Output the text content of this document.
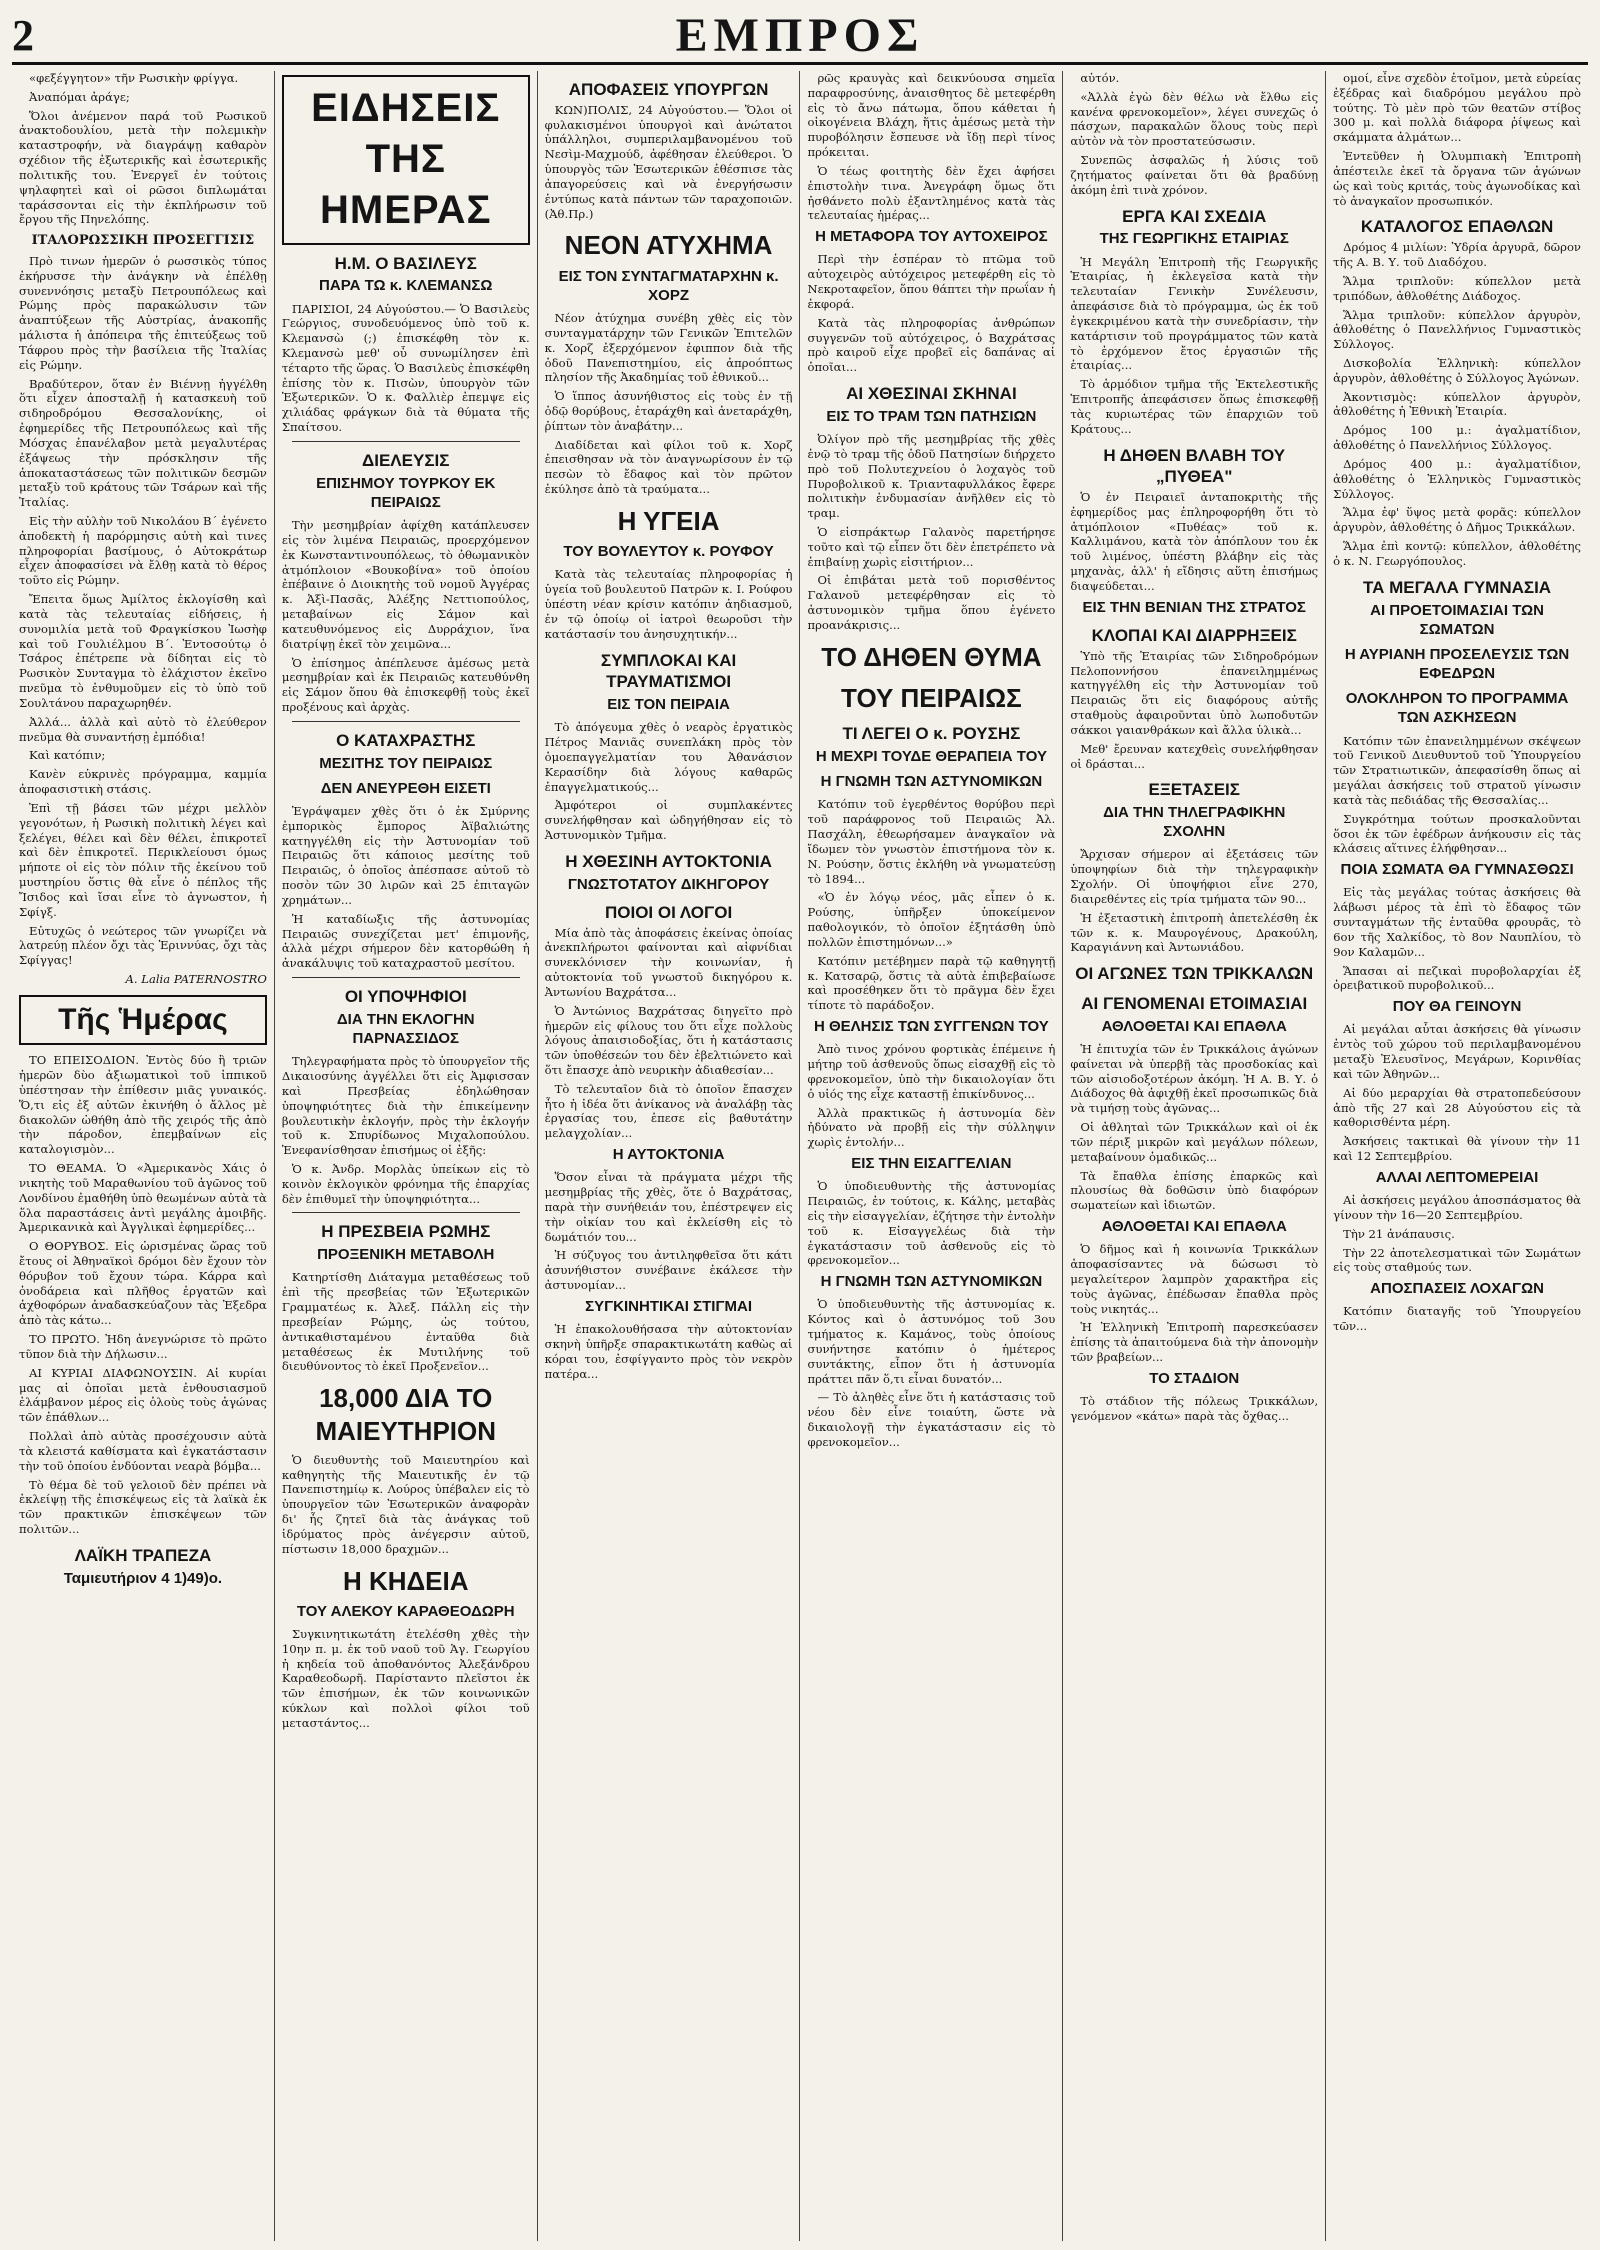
2	ΕΜΠΡΟΣ

«φεξέγγητον» τῆν Ρωσικὴν φρίγγα.

Ἀναπόμαι ἀράγε;

Ὅλοι ἀνέμενον παρά τοῦ Ρωσικοῦ ἀνακτοδουλίου, μετὰ τὴν πολεμικὴν καταστροφήν, νὰ διαγράψῃ καθαρὸν σχέδιον τῆς ἐξωτερικῆς καὶ ἐσωτερικῆς πολιτικῆς του. Ἐνεργεῖ ἐν τούτοις ψηλαφητεὶ καὶ οἱ ρῶσοι διπλωμάται ταράσσονται εἰς τὴν ἐκπλήρωσιν τοῦ ἔργου τῆς Πηνελόπης.

ΙΤΑΛΟΡΩΣΣΙΚΗ ΠΡΟΣΕΓΓΙΣΙΣ

Πρὸ τινων ἡμερῶν ὁ ρωσσικὸς τύπος ἐκήρυσσε τὴν ἀνάγκην νὰ ἐπέλθῃ συνεννόησις μεταξὺ Πετρουπόλεως καὶ Ρώμης πρὸς παρακώλυσιν τῶν ἀναπτύξεων τῆς Αὐστρίας, ἀνακοπῆς μάλιστα ἡ ἀπόπειρα τῆς ἐπιτεύξεως τοῦ Τάφρου πρὸς τὴν βασίλεια τῆς Ἰταλίας εἰς Ρώμην.

Βραδύτερον, ὅταν ἐν Βιέννῃ ἠγγέλθη ὅτι εἶχεν ἀποσταλῇ ἡ κατασκευὴ τοῦ σιδηροδρόμου Θεσσαλονίκης, οἱ ἐφημερίδες τῆς Πετρουπόλεως καὶ τῆς Μόσχας ἐπανέλαβον μετὰ μεγαλυτέρας ἐξάψεως τὴν πρόσκλησιν τῆς ἀποκαταστάσεως τῶν πολιτικῶν δεσμῶν μεταξὺ τοῦ κράτους τῶν Τσάρων καὶ τῆς Ἰταλίας.

Εἰς τὴν αὐλὴν τοῦ Νικολάου Β΄ ἐγένετο ἀποδεκτὴ ἡ παρόρμησις αὐτὴ καὶ τινες πληροφορίαι βασίμους, ὁ Αὐτοκράτωρ εἶχεν ἀποφασίσει νὰ ἔλθῃ κατὰ τὸ θέρος τοῦτο εἰς Ρώμην.

Ἔπειτα ὅμως Ἀμίλτος ἐκλογίσθη καὶ κατὰ τὰς τελευταίας εἰδήσεις, ἡ συνομιλία μετὰ τοῦ Φραγκίσκου Ἰωσὴφ καὶ τοῦ Γουλιέλμου Β΄. Ἐντοσούτῳ ὁ Τσάρος ἐπέτρεπε νὰ δίδηται εἰς τὸ Ρωσικὸν Συνταγμα τὸ ἐλάχιστον ἐκεῖνο πνεῦμα τὸ ἐνθυμοῦμεν εἰς τὸ ὑπὸ τοῦ Σουλτάνου παραχωρηθέν.

Ἀλλά... ἀλλὰ καὶ αὐτὸ τὸ ἐλεύθερον πνεῦμα θὰ συναντήσῃ ἐμπόδια!

Καὶ κατόπιν;

Κανὲν εὐκρινὲς πρόγραμμα, καμμία ἀποφασιστικὴ στάσις.

Ἐπὶ τῇ βάσει τῶν μέχρι μελλὸν γεγονότων, ἡ Ρωσικὴ πολιτικὴ λέγει καὶ ξελέγει, θέλει καὶ δὲν θέλει, ἐπικροτεῖ καὶ δὲν ἐπικροτεῖ. Περικλείουσι όμως μήποτε οἱ εἰς τὸν πόλιν τῆς ἐκείνου τοῦ μυστηρίου ὅστις θὰ εἶνε ὁ πέπλος τῆς Ἴσιδος καὶ ἴσαι εἶνε τὸ ἀγνωστον, ἡ Σφίγξ.

Εὐτυχῶς ὁ νεώτερος τῶν γνωρίζει νὰ λατρεύῃ πλέον ὄχι τὰς Ἐριννύας, ὄχι τὰς Σφίγγας!

Α. Lalia PATERNOSTRO
Τῆς Ἡμέρας

ΤΟ ΕΠΕΙΣΟΔΙΟΝ. Ἐντὸς δύο ἢ τριῶν ἡμερῶν δὺο ἀξιωματικοὶ τοῦ ἱππικοῦ ὑπέστησαν τὴν ἐπίθεσιν μιᾶς γυναικός. Ὅ,τι εἰς ἐξ αὐτῶν ἐκινήθη ὁ ἄλλος μὲ διακολῶν ὠθήθη ἀπὸ τῆς χειρός τῆς ἀπὸ τὴν πάροδον, ἐπεμβαίνων εἰς καταλογισμὸν...

ΤΟ ΘΕΑΜΑ. Ὁ «Ἀμερικανὸς Χάις ὁ νικητὴς τοῦ Μαραθωνίου τοῦ ἀγῶνος τοῦ Λονδίνου ἐμαθήθη ὑπὸ θεωμένων αὐτὰ τὰ ὅλα παραστάσεις ἀντὶ μεγάλης ἀμοιβῆς. Ἀμερικανικὰ καὶ Ἀγγλικαὶ ἐφημερίδες...

Ο ΘΟΡΥΒΟΣ. Εἰς ὡρισμένας ὥρας τοῦ ἔτους οἱ Ἀθηναϊκοὶ δρόμοι δὲν ἔχουν τὸν θόρυβον τοῦ ἔχουν τώρα. Κάρρα καὶ ὀνοδάρεια καὶ πλῆθος ἐργατῶν καὶ ἀχθοφόρων ἀναδασκεύαζουν τὰς Ἐξεδρα ἀπὸ τὰς κάτω...

ΤΟ ΠΡΩΤΟ. Ἠδη ἀνεγνώρισε τὸ πρῶτο τῦπον διὰ τὴν Δήλωσιν...

ΑΙ ΚΥΡΙΑΙ ΔΙΑΦΩΝΟΥΣΙΝ. Αἱ κυρίαι μας αἱ ὁποῖαι μετὰ ἐνθουσιασμοῦ ἐλάμβανον μέρος εἰς ὁλοὺς τοὺς ἀγώνας τῶν ἐπάθλων...

Πολλαὶ ἀπὸ αὐτὰς προσέχουσιν αὐτὰ τὰ κλειστά καθίσματα καὶ ἐγκατάστασιν τὴν τοῦ ὁποίου ἐνδύονται νεαρὰ βόμβα...

Τὸ θέμα δὲ τοῦ γελοιοῦ δὲν πρέπει νὰ ἐκλείψῃ τῆς ἐπισκέψεως εἰς τὰ λαϊκὰ ἐκ τῶν πρακτικῶν ἐπισκέψεων τῶν πολιτῶν...

ΛΑΪΚΗ ΤΡΑΠΕΖΑ
Ταμιευτήριον 4 1)49)ο.
ΕΙΔΗΣΕΙΣ ΤΗΣ ΗΜΕΡΑΣ
Η.Μ. Ο ΒΑΣΙΛΕΥΣ
ΠΑΡΑ ΤΩ κ. ΚΛΕΜΑΝΣΩ

ΠΑΡΙΣΙΟΙ, 24 Αὐγούστου.— Ὁ Βασιλεὺς Γεώργιος, συνοδευόμενος ὑπὸ τοῦ κ. Κλεμανσὼ (;) ἐπισκέφθη τὸν κ. Κλεμανσὼ μεθ' οὗ συνωμίλησεν ἐπὶ τέταρτο τῆς ὥρας. Ὁ Βασιλεὺς ἐπισκέφθη ἐπίσης τὸν κ. Πισὼν, ὑπουργὸν τῶν Ἐξωτερικῶν. Ὁ κ. Φαλλιὲρ ἐπεμψε εἰς χιλιάδας φράγκων διὰ τὰ θύματα τῆς Σπαίτσου.

ΔΙΕΛΕΥΣΙΣ
ΕΠΙΣΗΜΟΥ ΤΟΥΡΚΟΥ ΕΚ ΠΕΙΡΑΙΩΣ

Τὴν μεσημβρίαν ἀφίχθη κατάπλευσεν εἰς τὸν λιμένα Πειραιῶς, προερχόμενον ἐκ Κωνσταντινουπόλεως, τὸ ὀθωμανικὸν ἀτμόπλοιον «Βουκοβίνα» τοῦ ὁποίου ἐπέβαινε ὁ Διοικητὴς τοῦ νομοῦ Ἀγγέρας κ. Ἀξὶ-Πασᾶς, Ἀλέξης Νεττιοπούλος, μεταβαίνων εἰς Σάμον καὶ κατευθυνόμενος εἰς Δυρράχιον, ἵνα διατρίψῃ ἐκεῖ τὸν χειμῶνα...

Ὁ ἐπίσημος ἀπέπλευσε ἀμέσως μετὰ μεσημβρίαν καὶ ἐκ Πειραιῶς κατευθύνθη εἰς Σάμον ὅπου θὰ ἐπισκεφθῇ τοὺς ἐκεῖ προξένους καὶ ἀρχὰς.

Ο ΚΑΤΑΧΡΑΣΤΗΣ
ΜΕΣΙΤΗΣ ΤΟΥ ΠΕΙΡΑΙΩΣ
ΔΕΝ ΑΝΕΥΡΕΘΗ ΕΙΣΕΤΙ

Ἐγράψαμεν χθὲς ὅτι ὁ ἐκ Σμύρνης ἐμπορικὸς ἔμπορος Ἀϊβαλιώτης κατηγγέλθη εἰς τὴν Ἀστυνομίαν τοῦ Πειραιῶς ὅτι κάποιος μεσίτης τοῦ Πειραιῶς, ὁ ὁποῖος ἀπέσπασε αὐτοῦ τὸ ποσὸν τῶν 30 λιρῶν καὶ 25 ἐπιταγῶν χρημάτων...

Ἡ καταδίωξις τῆς ἀστυνομίας Πειραιῶς συνεχίζεται μετ' ἐπιμονῆς, ἀλλὰ μέχρι σήμερον δὲν κατορθώθη ἡ ἀνακάλυψις τοῦ καταχραστοῦ μεσίτου.

ΟΙ ΥΠΟΨΗΦΙΟΙ
ΔΙΑ ΤΗΝ ΕΚΛΟΓΗΝ ΠΑΡΝΑΣΣΙΔΟΣ

Τηλεγραφήματα πρὸς τὸ ὑπουργεῖον τῆς Δικαιοσύνης ἀγγέλλει ὅτι εἰς Ἀμφισσαν καὶ Πρεσβείας ἐδηλώθησαν ὑποψηφιότητες διὰ τὴν ἐπικείμενην βουλευτικὴν ἐκλογήν, πρὸς τὴν ἐκλογήν τοῦ κ. Σπυρίδωνος Μιχαλοπούλου. Ἐνεφανίσθησαν ἐπισήμως οἱ ἐξῆς:

Ὁ κ. Ἀνδρ. Μορλὰς ὑπείκων εἰς τὸ κοινὸν ἐκλογικὸν φρόνημα τῆς ἐπαρχίας δὲν ἐπιθυμεῖ τὴν ὑποψηφιότητα...

Η ΠΡΕΣΒΕΙΑ ΡΩΜΗΣ
ΠΡΟΞΕΝΙΚΗ ΜΕΤΑΒΟΛΗ

Κατηρτίσθη Διάταγμα μεταθέσεως τοῦ ἐπὶ τῆς πρεσβείας τῶν Ἐξωτερικῶν Γραμματέως κ. Ἀλεξ. Πάλλη εἰς τὴν πρεσβείαν Ρώμης, ὡς τούτου, ἀντικαθισταμένου ἐνταῦθα διὰ μεταθέσεως ἐκ Μυτιλήνης τοῦ διευθύνοντος τὸ ἐκεῖ Προξενεῖον...

18,000 ΔΙΑ ΤΟ ΜΑΙΕΥΤΗΡΙΟΝ

Ὁ διευθυντὴς τοῦ Μαιευτηρίου καὶ καθηγητὴς τῆς Μαιευτικῆς ἐν τῷ Πανεπιστημίῳ κ. Λούρος ὑπέβαλεν εἰς τὸ ὑπουργεῖον τῶν Ἐσωτερικῶν ἀναφορὰν δι' ἧς ζητεῖ διὰ τὰς ἀνάγκας τοῦ ἱδρύματος πρὸς ἀνέγερσιν αὐτοῦ, πίστωσιν 18,000 δραχμῶν...

Η ΚΗΔΕΙΑ
ΤΟΥ ΑΛΕΚΟΥ ΚΑΡΑΘΕΟΔΩΡΗ

Συγκινητικωτάτη ἐτελέσθη χθὲς τὴν 10ην π. μ. ἐκ τοῦ ναοῦ τοῦ Ἁγ. Γεωργίου ἡ κηδεία τοῦ ἀποθανόντος Ἀλεξάνδρου Καραθεοδωρῆ. Παρίσταντο πλεῖστοι ἐκ τῶν ἐπισήμων, ἐκ τῶν κοινωνικῶν κύκλων καὶ πολλοὶ φίλοι τοῦ μεταστάντος...

ΑΠΟΦΑΣΕΙΣ ΥΠΟΥΡΓΩΝ

ΚΩΝ)ΠΟΛΙΣ, 24 Αὐγούστου.— Ὅλοι οἱ φυλακισμένοι ὑπουργοὶ καὶ ἀνώτατοι ὑπάλληλοι, συμπεριλαμβανομένου τοῦ Νεσὶμ-Μαχμούδ, ἀφέθησαν ἐλεύθεροι. Ὁ ὑπουργὸς τῶν Ἐσωτερικῶν ἐθέσπισε τὰς ἀπαγορεύσεις καὶ νὰ ἐνεργήσωσιν ἐντύπως κατὰ πάντων τῶν ταραχοποιῶν. (Ἀθ.Πρ.)

ΝΕΟΝ ΑΤΥΧΗΜΑ
ΕΙΣ ΤΟΝ ΣΥΝΤΑΓΜΑΤΑΡΧΗΝ κ. ΧΟΡΖ

Νέον ἀτύχημα συνέβη χθὲς εἰς τὸν συνταγματάρχην τῶν Γενικῶν Ἐπιτελῶν κ. Χορζ ἐξερχόμενον ἐφιππον διὰ τῆς ὁδοῦ Πανεπιστημίου, εἰς ἀπροόπτως πλησίον τῆς Ἀκαδημίας τοῦ ἐθνικοῦ...

Ὁ ἵππος ἀσυνήθιστος εἰς τοὺς ἐν τῇ ὁδῷ θορύβους, ἐταράχθη καὶ ἀνεταράχθη, ῥίπτων τὸν ἀναβάτην...

Διαδίδεται καὶ φίλοι τοῦ κ. Χορζ ἐπεισθησαν νὰ τὸν ἀναγνωρίσουν ἐν τῷ πεσὼν τὸ ἔδαφος καὶ τὸν πρῶτον ἐκύλησε ἀπὸ τὰ τραύματα...

Η ΥΓΕΙΑ
ΤΟΥ ΒΟΥΛΕΥΤΟΥ κ. ΡΟΥΦΟΥ

Κατὰ τὰς τελευταίας πληροφορίας ἡ ὑγεία τοῦ βουλευτοῦ Πατρῶν κ. Ι. Ρούφου ὑπέστη νέαν κρίσιν κατόπιν ἀηδιασμοῦ, ἐν τῷ ὁποίῳ οἱ ἰατροὶ θεωροῦσι τὴν κατάστασίν του ἀνησυχητικήν...

ΣΥΜΠΛΟΚΑΙ ΚΑΙ ΤΡΑΥΜΑΤΙΣΜΟΙ
ΕΙΣ ΤΟΝ ΠΕΙΡΑΙΑ

Τὸ ἀπόγευμα χθὲς ὁ νεαρὸς ἐργατικὸς Πέτρος Μανιᾶς συνεπλάκη πρὸς τὸν ὁμοεπαγγελματίαν του Ἀθανάσιον Κερασίδην διὰ λόγους καθαρῶς ἐπαγγελματικούς...

Ἀμφότεροι οἱ συμπλακέντες συνελήφθησαν καὶ ὡδηγήθησαν εἰς τὸ Ἀστυνομικὸν Τμῆμα.

Η ΧΘΕΣΙΝΗ ΑΥΤΟΚΤΟΝΙΑ
ΓΝΩΣΤΟΤΑΤΟΥ ΔΙΚΗΓΟΡΟΥ
ΠΟΙΟΙ ΟΙ ΛΟΓΟΙ

Μία ἀπὸ τὰς ἀποφάσεις ἐκείνας ὁποίας ἀνεκπλήρωτοι φαίνονται καὶ αἰφνίδιαι συνεκλόνισεν τὴν κοινωνίαν, ἡ αὐτοκτονία τοῦ γνωστοῦ δικηγόρου κ. Ἀντωνίου Βαχράτσα...

Ὁ Ἀντώνιος Βαχράτσας διηγεῖτο πρὸ ἡμερῶν εἰς φίλους του ὅτι εἶχε πολλοὺς λόγους ἀπαισιοδοξίας, ὅτι ἡ κατάστασις τῶν ὑποθέσεών του δὲν ἐβελτιώνετο καὶ ὅτι ἔπασχε ἀπὸ νευρικὴν ἀδιαθεσίαν...

Τὸ τελευταῖον διὰ τὸ ὁποῖον ἔπασχεν ἦτο ἡ ἰδέα ὅτι ἀνίκανος νὰ ἀναλάβῃ τὰς ἐργασίας του, ἐπεσε εἰς βαθυτάτην μελαγχολίαν...

Η ΑΥΤΟΚΤΟΝΙΑ

Ὅσον εἶναι τὰ πράγματα μέχρι τῆς μεσημβρίας τῆς χθὲς, ὅτε ὁ Βαχράτσας, παρὰ τὴν συνήθειάν του, ἐπέστρεψεν εἰς τὴν οἰκίαν του καὶ ἐκλείσθη εἰς τὸ δωμάτιόν του...

Ἡ σύζυγος του ἀντιληφθεῖσα ὅτι κάτι ἀσυνήθιστον συνέβαινε ἐκάλεσε τὴν ἀστυνομίαν...

ΣΥΓΚΙΝΗΤΙΚΑΙ ΣΤΙΓΜΑΙ

Ἡ ἐπακολουθήσασα τὴν αὐτοκτονίαν σκηνὴ ὑπῆρξε σπαρακτικωτάτη καθὼς αἱ κόραι του, ἐσφίγγαντο πρὸς τὸν νεκρὸν πατέρα...

ρῶς κραυγὰς καὶ δεικνύουσα σημεῖα παραφροσύνης, ἀναισθητος δὲ μετεφέρθη εἰς τὸ ἄνω πάτωμα, ὅπου κάθεται ἡ οἰκογένεια Βλάχη, ἥτις ἀμέσως μετὰ τὴν πυροβόλησιν ἔσπευσε νὰ ἴδῃ περὶ τίνος πρόκειται.

Ὁ τέως φοιτητὴς δὲν ἔχει ἀφήσει ἐπιστολὴν τινα. Ἀνεγράφη ὅμως ὅτι ἠσθάνετο πολὺ ἐξαντλημένος κατὰ τὰς τελευταίας ἡμέρας...

Η ΜΕΤΑΦΟΡΑ ΤΟΥ ΑΥΤΟΧΕΙΡΟΣ

Περὶ τὴν ἑσπέραν τὸ πτῶμα τοῦ αὐτοχειρὸς αὐτόχειρος μετεφέρθη εἰς τὸ Νεκροταφεῖον, ὅπου θάπτει τὴν πρωΐαν ἡ ἐκφορά.

Κατὰ τὰς πληροφορίας ἀνθρώπων συγγενῶν τοῦ αὐτόχειρος, ὁ Βαχράτσας πρὸ καιροῦ εἶχε προβεῖ εἰς δαπάνας αἱ ὁποῖαι...

ΑΙ ΧΘΕΣΙΝΑΙ ΣΚΗΝΑΙ
ΕΙΣ ΤΟ ΤΡΑΜ ΤΩΝ ΠΑΤΗΣΙΩΝ

Ὀλίγον πρὸ τῆς μεσημβρίας τῆς χθὲς ἐνῷ τὸ τραμ τῆς ὁδοῦ Πατησίων διήρχετο πρὸ τοῦ Πολυτεχνείου ὁ λοχαγὸς τοῦ Πυροβολικοῦ κ. Τριανταφυλλάκος ἔφερε πολιτικὴν ἐνδυμασίαν ἀνῆλθεν εἰς τὸ τραμ.

Ὁ εἰσπράκτωρ Γαλανὸς παρετήρησε τοῦτο καὶ τῷ εἶπεν ὅτι δὲν ἐπετρέπετο νὰ ἐπιβαίνῃ χωρὶς εἰσιτήριον...

Οἱ ἐπιβάται μετὰ τοῦ πορισθέντος Γαλανοῦ μετεφέρθησαν εἰς τὸ ἀστυνομικὸν τμῆμα ὅπου ἐγένετο προανάκρισις...

ΤΟ ΔΗΘΕΝ ΘΥΜΑ
ΤΟΥ ΠΕΙΡΑΙΩΣ
ΤΙ ΛΕΓΕΙ Ο κ. ΡΟΥΣΗΣ
Η ΜΕΧΡΙ ΤΟΥΔΕ ΘΕΡΑΠΕΙΑ ΤΟΥ
Η ΓΝΩΜΗ ΤΩΝ ΑΣΤΥΝΟΜΙΚΩΝ

Κατόπιν τοῦ ἐγερθέντος θορύβου περὶ τοῦ παράφρονος τοῦ Πειραιῶς Ἀλ. Πασχάλη, ἐθεωρήσαμεν ἀναγκαῖον νὰ ἴδωμεν τὸν γνωστὸν ἐπιστήμονα τὸν κ. Ν. Ρούσην, ὅστις ἐκλήθη νὰ γνωματεύσῃ τὸ 1894...

«Ὁ ἐν λόγῳ νέος, μᾶς εἶπεν ὁ κ. Ρούσης, ὑπῆρξεν ὑποκείμενον παθολογικόν, τὸ ὁποῖον ἐξητάσθη ὑπὸ πολλῶν ἐπιστημόνων...»

Κατόπιν μετέβημεν παρὰ τῷ καθηγητῇ κ. Κατσαρῷ, ὅστις τὰ αὐτὰ ἐπιβεβαίωσε καὶ προσέθηκεν ὅτι τὸ πρᾶγμα δὲν ἔχει τίποτε τὸ παράδοξον.

Η ΘΕΛΗΣΙΣ ΤΩΝ ΣΥΓΓΕΝΩΝ ΤΟΥ

Ἀπὸ τινος χρόνου φορτικὰς ἐπέμεινε ἡ μήτηρ τοῦ ἀσθενοῦς ὅπως εἰσαχθῇ εἰς τὸ φρενοκομεῖον, ὑπὸ τὴν δικαιολογίαν ὅτι ὁ υἱός της εἶχε καταστῇ ἐπικίνδυνος...

Ἀλλὰ πρακτικῶς ἡ ἀστυνομία δὲν ἠδύνατο νὰ προβῇ εἰς τὴν σύλληψιν χωρὶς ἐντολήν...

ΕΙΣ ΤΗΝ ΕΙΣΑΓΓΕΛΙΑΝ

Ὁ ὑποδιευθυντὴς τῆς ἀστυνομίας Πειραιῶς, ἐν τούτοις, κ. Κάλης, μεταβὰς εἰς τὴν εἰσαγγελίαν, ἐζήτησε τὴν ἐντολὴν τοῦ κ. Εἰσαγγελέως διὰ τὴν ἐγκατάστασιν τοῦ ἀσθενοῦς εἰς τὸ φρενοκομεῖον...

Η ΓΝΩΜΗ ΤΩΝ ΑΣΤΥΝΟΜΙΚΩΝ

Ὁ ὑποδιευθυντὴς τῆς ἀστυνομίας κ. Κόντος καὶ ὁ ἀστυνόμος τοῦ 3ου τμήματος κ. Καμάνος, τοὺς ὁποίους συνήντησε κατόπιν ὁ ἡμέτερος συντάκτης, εἶπον ὅτι ἡ ἀστυνομία πράττει πᾶν ὅ,τι εἶναι δυνατόν...

— Τὸ ἀληθὲς εἶνε ὅτι ἡ κατάστασις τοῦ νέου δὲν εἶνε τοιαύτη, ὥστε νὰ δικαιολογῇ τὴν ἐγκατάστασιν εἰς τὸ φρενοκομεῖον...

αὐτόν.

«Ἀλλὰ ἐγὼ δὲν θέλω νὰ ἔλθω εἰς κανένα φρενοκομεῖον», λέγει συνεχῶς ὁ πάσχων, παρακαλῶν ὅλους τοὺς περὶ αὐτὸν νὰ τὸν προστατεύσωσιν.

Συνεπῶς ἀσφαλῶς ἡ λύσις τοῦ ζητήματος φαίνεται ὅτι θὰ βραδύνῃ ἀκόμη ἐπὶ τινὰ χρόνον.

ΕΡΓΑ ΚΑΙ ΣΧΕΔΙΑ
ΤΗΣ ΓΕΩΡΓΙΚΗΣ ΕΤΑΙΡΙΑΣ

Ἡ Μεγάλη Ἐπιτροπὴ τῆς Γεωργικῆς Ἑταιρίας, ἡ ἐκλεγεῖσα κατὰ τὴν τελευταίαν Γενικὴν Συνέλευσιν, ἀπεφάσισε διὰ τὸ πρόγραμμα, ὡς ἐκ τοῦ ἐγκεκριμένου κατὰ τὴν συνεδρίασιν, τὴν κατάρτισιν τοῦ προγράμματος τῶν κατὰ τὸ ἐρχόμενον ἔτος ἐργασιῶν τῆς ἑταιρίας...

Τὸ ἁρμόδιον τμῆμα τῆς Ἐκτελεστικῆς Ἐπιτροπῆς ἀπεφάσισεν ὅπως ἐπισκεφθῇ τὰς κυριωτέρας τῶν ἐπαρχιῶν τοῦ Κράτους...

Η ΔΗΘΕΝ ΒΛΑΒΗ ΤΟΥ „ΠΥΘΕΑ"

Ὁ ἐν Πειραιεῖ ἀνταποκριτὴς τῆς ἐφημερίδος μας ἐπληροφορήθη ὅτι τὸ ἀτμόπλοιον «Πυθέας» τοῦ κ. Καλλιμάνου, κατὰ τὸν ἀπόπλουν του ἐκ τοῦ λιμένος, ὑπέστη βλάβην εἰς τὰς μηχανὰς, ἀλλ' ἡ εἴδησις αὕτη ἐπισήμως διαψεύδεται...

ΕΙΣ ΤΗΝ ΒΕΝΙΑΝ ΤΗΣ ΣΤΡΑΤΟΣ
ΚΛΟΠΑΙ ΚΑΙ ΔΙΑΡΡΗΞΕΙΣ

Ὑπὸ τῆς Ἑταιρίας τῶν Σιδηροδρόμων Πελοποννήσου ἐπανειλημμένως κατηγγέλθη εἰς τὴν Ἀστυνομίαν τοῦ Πειραιῶς ὅτι εἰς διαφόρους αὐτῆς σταθμοὺς ἀφαιροῦνται ὑπὸ λωποδυτῶν σάκκοι γαιανθράκων καὶ ἄλλα ὑλικὰ...

Μεθ' ἔρευναν κατεχθεὶς συνελήφθησαν οἱ δράσται...

ΕΞΕΤΑΣΕΙΣ
ΔΙΑ ΤΗΝ ΤΗΛΕΓΡΑΦΙΚΗΝ ΣΧΟΛΗΝ

Ἄρχισαν σήμερον αἱ ἐξετάσεις τῶν ὑποψηφίων διὰ τὴν τηλεγραφικὴν Σχολήν. Οἱ ὑποψήφιοι εἶνε 270, διαιρεθέντες εἰς τρία τμήματα τῶν 90...

Ἡ ἐξεταστικὴ ἐπιτροπὴ ἀπετελέσθη ἐκ τῶν κ. κ. Μαυρογένους, Δρακούλη, Καραγιάννη καὶ Ἀντωνιάδου.

ΟΙ ΑΓΩΝΕΣ ΤΩΝ ΤΡΙΚΚΑΛΩΝ
ΑΙ ΓΕΝΟΜΕΝΑΙ ΕΤΟΙΜΑΣΙΑΙ
ΑΘΛΟΘΕΤΑΙ ΚΑΙ ΕΠΑΘΛΑ

Ἡ ἐπιτυχία τῶν ἐν Τρικκάλοις ἀγώνων φαίνεται νὰ ὑπερβῇ τὰς προσδοκίας καὶ τῶν αἰσιοδοξοτέρων ἀκόμη. Ἡ Α. Β. Υ. ὁ Διάδοχος θὰ ἀφιχθῇ ἐκεῖ προσωπικῶς διὰ νὰ τιμήσῃ τοὺς ἀγῶνας...

Οἱ ἀθληταὶ τῶν Τρικκάλων καὶ οἱ ἐκ τῶν πέριξ μικρῶν καὶ μεγάλων πόλεων, μεταβαίνουν ὁμαδικῶς...

Τὰ ἔπαθλα ἐπίσης ἐπαρκῶς καὶ πλουσίως θὰ δοθῶσιν ὑπὸ διαφόρων σωματείων καὶ ἰδιωτῶν.

ΑΘΛΟΘΕΤΑΙ ΚΑΙ ΕΠΑΘΛΑ

Ὁ δῆμος καὶ ἡ κοινωνία Τρικκάλων ἀποφασίσαντες νὰ δώσωσι τὸ μεγαλείτερον λαμπρὸν χαρακτῆρα εἰς τοὺς ἀγῶνας, ἐπέδωσαν ἔπαθλα πρὸς τοὺς νικητάς...

Ἡ Ἐλληνικὴ Ἐπιτροπὴ παρεσκεύασεν ἐπίσης τὰ ἀπαιτούμενα διὰ τὴν ἀπονομὴν τῶν βραβείων...

ΤΟ ΣΤΑΔΙΟΝ

Τὸ στάδιον τῆς πόλεως Τρικκάλων, γενόμενον «κάτω» παρὰ τὰς ὄχθας...

ομοί, εἶνε σχεδὸν ἑτοῖμον, μετὰ εὐρείας ἐξέδρας καὶ διαδρόμου μεγάλου πρὸ τούτης. Τὸ μὲν πρὸ τῶν θεατῶν στίβος 300 μ. καὶ πολλὰ διάφορα ῥίψεως καὶ σκάμματα ἁλμάτων...

Ἐντεῦθεν ἡ Ὀλυμπιακὴ Ἐπιτροπὴ ἀπέστειλε ἐκεῖ τὰ ὄργανα τῶν ἀγώνων ὡς καὶ τοὺς κριτάς, τοὺς ἀγωνοδίκας καὶ τὸ ἀναγκαῖον προσωπικόν.

ΚΑΤΑΛΟΓΟΣ ΕΠΑΘΛΩΝ

Δρόμος 4 μιλίων: Ὑδρία ἀργυρᾶ, δῶρον τῆς Α. Β. Υ. τοῦ Διαδόχου.

Ἅλμα τριπλοῦν: κύπελλον μετὰ τριπόδων, ἀθλοθέτης Διάδοχος.

Ἅλμα τριπλοῦν: κύπελλον ἀργυρὸν, ἀθλοθέτης ὁ Πανελλήνιος Γυμναστικὸς Σύλλογος.

Δισκοβολία Ἑλληνικὴ: κύπελλον ἀργυρὸν, ἀθλοθέτης ὁ Σύλλογος Ἀγώνων.

Ἀκοντισμὸς: κύπελλον ἀργυρὸν, ἀθλοθέτης ἡ Ἐθνικὴ Ἑταιρία.

Δρόμος 100 μ.: ἀγαλματίδιον, ἀθλοθέτης ὁ Πανελλήνιος Σύλλογος.

Δρόμος 400 μ.: ἀγαλματίδιον, ἀθλοθέτης ὁ Ἑλληνικὸς Γυμναστικὸς Σύλλογος.

Ἅλμα ἐφ' ὕψος μετὰ φορᾶς: κύπελλον ἀργυρὸν, ἀθλοθέτης ὁ Δῆμος Τρικκάλων.

Ἅλμα ἐπὶ κοντῷ: κύπελλον, ἀθλοθέτης ὁ κ. Ν. Γεωργόπουλος.

ΤΑ ΜΕΓΑΛΑ ΓΥΜΝΑΣΙΑ
ΑΙ ΠΡΟΕΤΟΙΜΑΣΙΑΙ ΤΩΝ ΣΩΜΑΤΩΝ
Η ΑΥΡΙΑΝΗ ΠΡΟΣΕΛΕΥΣΙΣ ΤΩΝ ΕΦΕΔΡΩΝ
ΟΛΟΚΛΗΡΟΝ ΤΟ ΠΡΟΓΡΑΜΜΑ ΤΩΝ ΑΣΚΗΣΕΩΝ

Κατόπιν τῶν ἐπανειλημμένων σκέψεων τοῦ Γενικοῦ Διευθυντοῦ τοῦ Ὑπουργείου τῶν Στρατιωτικῶν, ἀπεφασίσθη ὅπως αἱ μεγάλαι ἀσκήσεις τοῦ στρατοῦ γίνωσιν κατὰ τὰς πεδιάδας τῆς Θεσσαλίας...

Συγκρότημα τούτων προσκαλοῦνται ὅσοι ἐκ τῶν ἐφέδρων ἀνήκουσιν εἰς τὰς κλάσεις αἵτινες ἐλήφθησαν...

ΠΟΙΑ ΣΩΜΑΤΑ ΘΑ ΓΥΜΝΑΣΘΩΣΙ

Εἰς τὰς μεγάλας τούτας ἀσκήσεις θὰ λάβωσι μέρος τὰ ἐπὶ τὸ ἔδαφος τῶν συνταγμάτων τῆς ἐνταῦθα φρουρᾶς, τὸ 6ον τῆς Χαλκίδος, τὸ 8ον Ναυπλίου, τὸ 9ον Καλαμῶν...

Ἅπασαι αἱ πεζικαὶ πυροβολαρχίαι ἐξ ὀρειβατικοῦ πυροβολικοῦ...

ΠΟΥ ΘΑ ΓΕΙΝΟΥΝ

Αἱ μεγάλαι αὗται ἀσκήσεις θὰ γίνωσιν ἐντὸς τοῦ χώρου τοῦ περιλαμβανομένου μεταξὺ Ἐλευσῖνος, Μεγάρων, Κορινθίας καὶ τῶν Ἀθηνῶν...

Αἱ δύο μεραρχίαι θὰ στρατοπεδεύσουν ἀπὸ τῆς 27 καὶ 28 Αὐγούστου εἰς τὰ καθορισθέντα μέρη.

Ἀσκήσεις τακτικαὶ θὰ γίνουν τὴν 11 καὶ 12 Σεπτεμβρίου.

ΑΛΛΑΙ ΛΕΠΤΟΜΕΡΕΙΑΙ

Αἱ ἀσκήσεις μεγάλου ἀποσπάσματος θὰ γίνουν τὴν 16—20 Σεπτεμβρίου.

Τὴν 21 ἀνάπαυσις.

Τὴν 22 ἀποτελεσματικαὶ τῶν Σωμάτων εἰς τοὺς σταθμούς των.

ΑΠΟΣΠΑΣΕΙΣ ΛΟΧΑΓΩΝ

Κατόπιν διαταγῆς τοῦ Ὑπουργείου τῶν...
